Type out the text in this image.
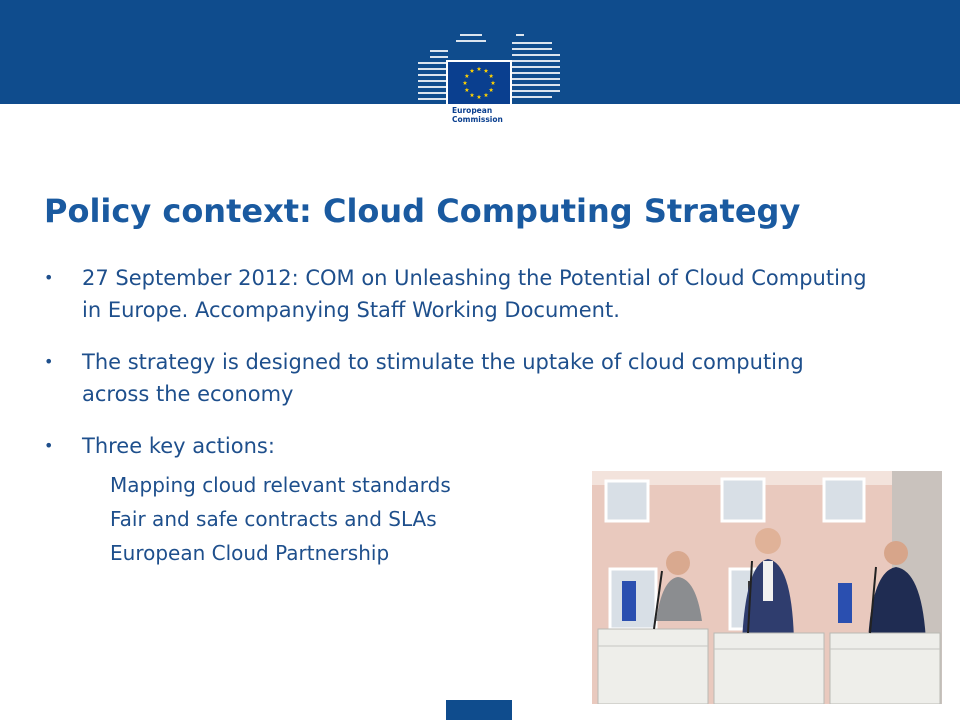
European
Commission
Policy context: Cloud Computing Strategy
• 27 September 2012: COM on Unleashing the Potential of Cloud Computing in Europe. Accompanying Staff Working Document.
• The strategy is designed to stimulate the uptake of cloud computing across the economy
• Three key actions:
Mapping cloud relevant standards
Fair and safe contracts and SLAs
European Cloud Partnership
